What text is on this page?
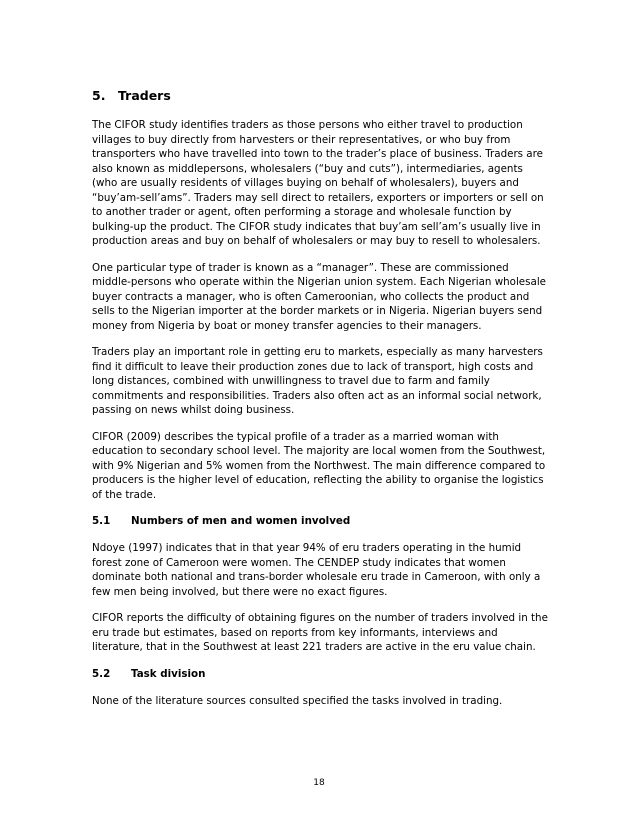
5. Traders

The CIFOR study identifies traders as those persons who either travel to production villages to buy directly from harvesters or their representatives, or who buy from transporters who have travelled into town to the trader’s place of business. Traders are also known as middlepersons, wholesalers (“buy and cuts”), intermediaries, agents (who are usually residents of villages buying on behalf of wholesalers), buyers and “buy’am-sell’ams”. Traders may sell direct to retailers, exporters or importers or sell on to another trader or agent, often performing a storage and wholesale function by bulking-up the product. The CIFOR study indicates that buy’am sell’am’s usually live in production areas and buy on behalf of wholesalers or may buy to resell to wholesalers.

One particular type of trader is known as a “manager”. These are commissioned middle-persons who operate within the Nigerian union system. Each Nigerian wholesale buyer contracts a manager, who is often Cameroonian, who collects the product and sells to the Nigerian importer at the border markets or in Nigeria. Nigerian buyers send money from Nigeria by boat or money transfer agencies to their managers.

Traders play an important role in getting eru to markets, especially as many harvesters find it difficult to leave their production zones due to lack of transport, high costs and long distances, combined with unwillingness to travel due to farm and family commitments and responsibilities. Traders also often act as an informal social network, passing on news whilst doing business.

CIFOR (2009) describes the typical profile of a trader as a married woman with education to secondary school level. The majority are local women from the Southwest, with 9% Nigerian and 5% women from the Northwest. The main difference compared to producers is the higher level of education, reflecting the ability to organise the logistics of the trade.

5.1 Numbers of men and women involved

Ndoye (1997) indicates that in that year 94% of eru traders operating in the humid forest zone of Cameroon were women. The CENDEP study indicates that women dominate both national and trans-border wholesale eru trade in Cameroon, with only a few men being involved, but there were no exact figures.

CIFOR reports the difficulty of obtaining figures on the number of traders involved in the eru trade but estimates, based on reports from key informants, interviews and literature, that in the Southwest at least 221 traders are active in the eru value chain.

5.2 Task division

None of the literature sources consulted specified the tasks involved in trading.

18
